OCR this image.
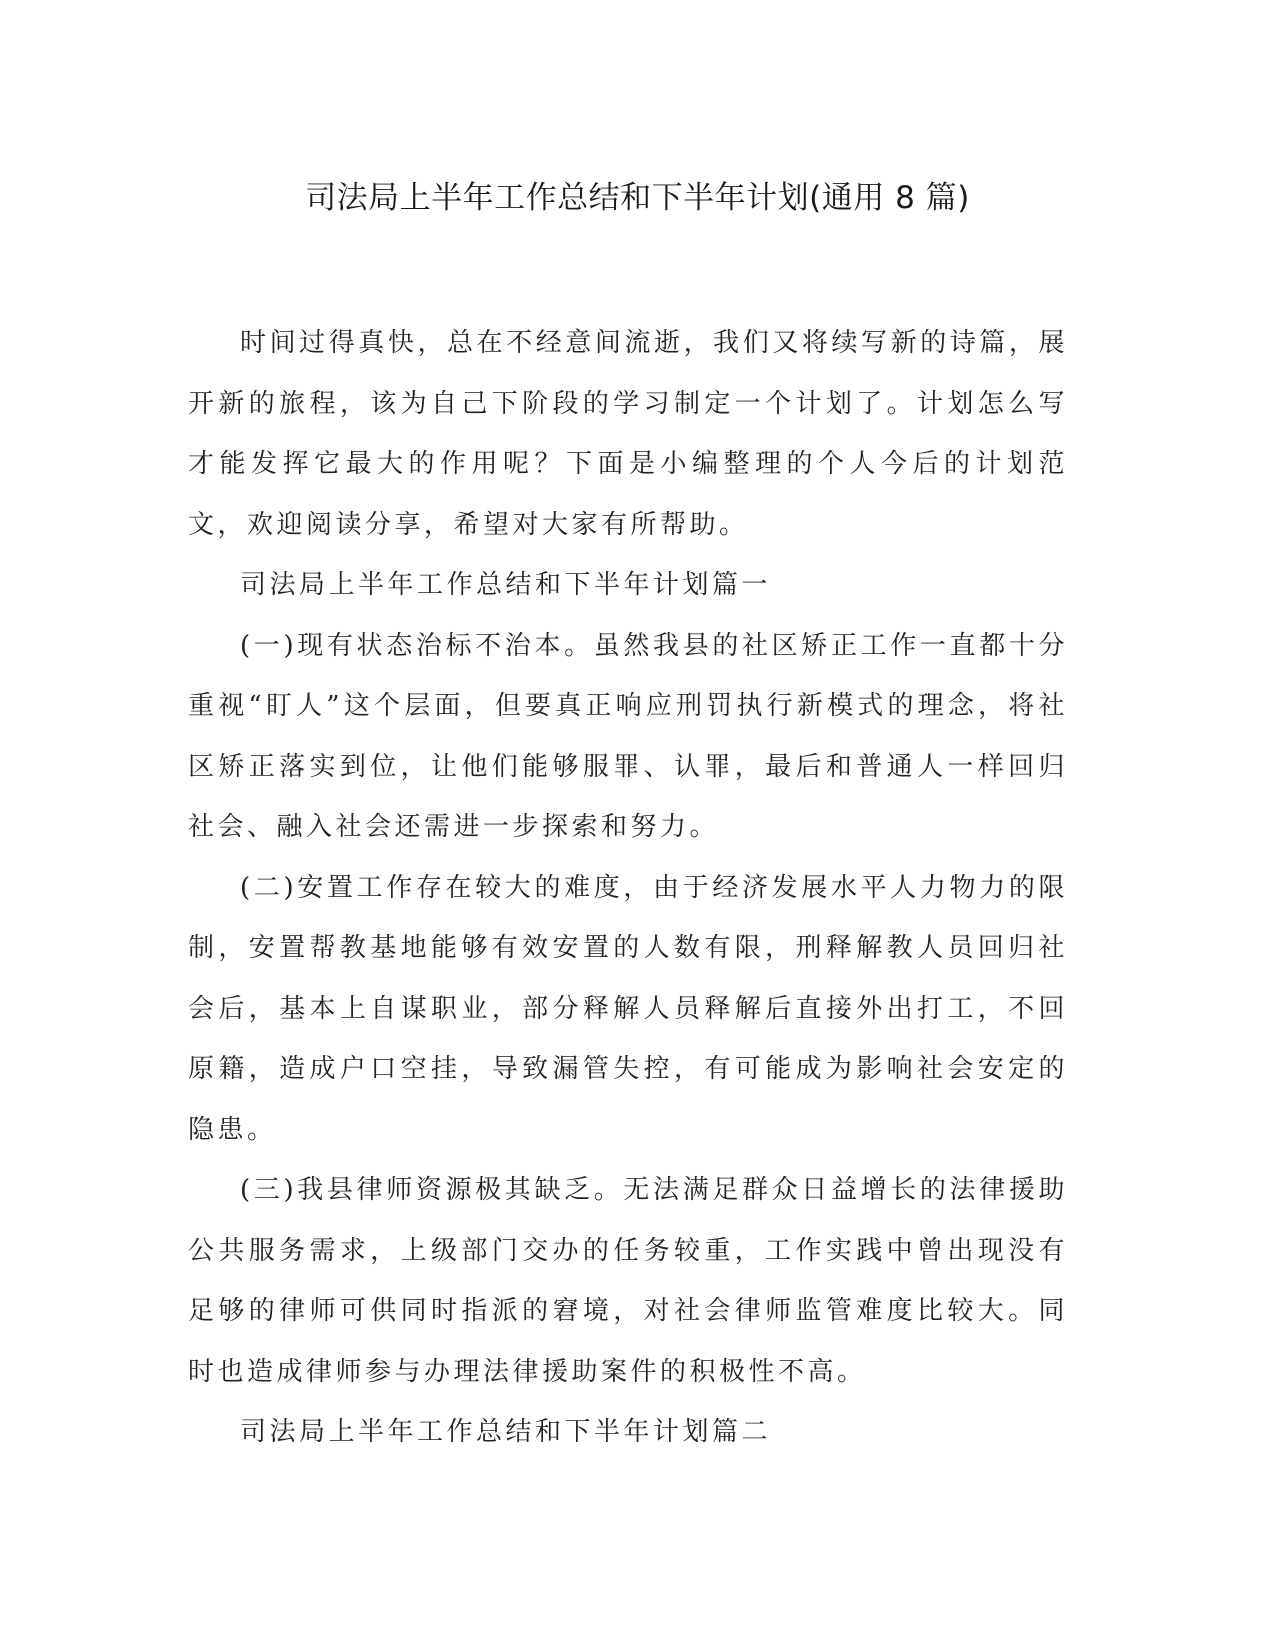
司法局上半年工作总结和下半年计划(通用 8 篇)

时间过得真快，总在不经意间流逝，我们又将续写新的诗篇，展开新的旅程，该为自己下阶段的学习制定一个计划了。计划怎么写才能发挥它最大的作用呢？下面是小编整理的个人今后的计划范文，欢迎阅读分享，希望对大家有所帮助。

司法局上半年工作总结和下半年计划篇一

(一)现有状态治标不治本。虽然我县的社区矫正工作一直都十分重视“盯人”这个层面，但要真正响应刑罚执行新模式的理念，将社区矫正落实到位，让他们能够服罪、认罪，最后和普通人一样回归社会、融入社会还需进一步探索和努力。

(二)安置工作存在较大的难度，由于经济发展水平人力物力的限制，安置帮教基地能够有效安置的人数有限，刑释解教人员回归社会后，基本上自谋职业，部分释解人员释解后直接外出打工，不回原籍，造成户口空挂，导致漏管失控，有可能成为影响社会安定的隐患。

(三)我县律师资源极其缺乏。无法满足群众日益增长的法律援助公共服务需求，上级部门交办的任务较重，工作实践中曾出现没有足够的律师可供同时指派的窘境，对社会律师监管难度比较大。同时也造成律师参与办理法律援助案件的积极性不高。

司法局上半年工作总结和下半年计划篇二
